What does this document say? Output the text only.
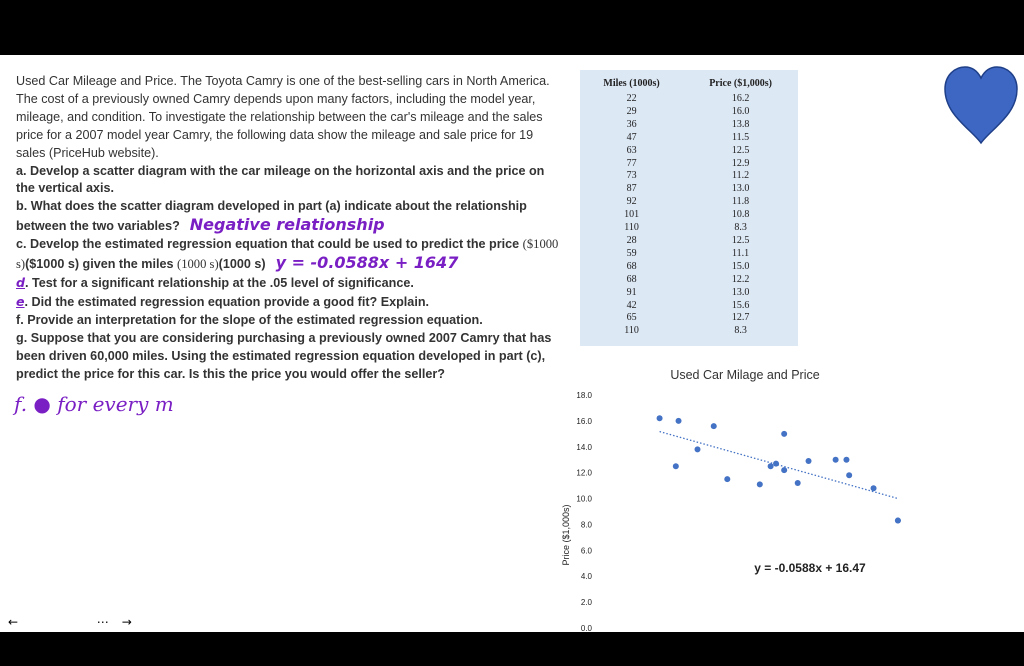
Used Car Mileage and Price. The Toyota Camry is one of the best-selling cars in North America. The cost of a previously owned Camry depends upon many factors, including the model year, mileage, and condition. To investigate the relationship between the car's mileage and the sales price for a 2007 model year Camry, the following data show the mileage and sale price for 19 sales (PriceHub website).

a. Develop a scatter diagram with the car mileage on the horizontal axis and the price on the vertical axis.

b. What does the scatter diagram developed in part (a) indicate about the relationship between the two variables? Negative relationship

c. Develop the estimated regression equation that could be used to predict the price ($1000 s)($1000 s) given the miles (1000 s)(1000 s) y = -0.0588x + 1647

d. Test for a significant relationship at the .05 level of significance.

e. Did the estimated regression equation provide a good fit? Explain.

f. Provide an interpretation for the slope of the estimated regression equation.

g. Suppose that you are considering purchasing a previously owned 2007 Camry that has been driven 60,000 miles. Using the estimated regression equation developed in part (c), predict the price for this car. Is this the price you would offer the seller?

f. ● for every m
Miles (1000s)	Price ($1,000s)
22	16.2
29	16.0
36	13.8
47	11.5
63	12.5
77	12.9
73	11.2
87	13.0
92	11.8
101	10.8
110	8.3
28	12.5
59	11.1
68	15.0
68	12.2
91	13.0
42	15.6
65	12.7
110	8.3
Used Car Milage and Price
0.0
2.0
4.0
6.0
8.0
10.0
12.0
14.0
16.0
18.0
0	20	40	60	80	100	120
y = -0.0588x + 16.47
Miles (1000s)
Price ($1,000s)
← ✎	CC ▣ ⋯	→
